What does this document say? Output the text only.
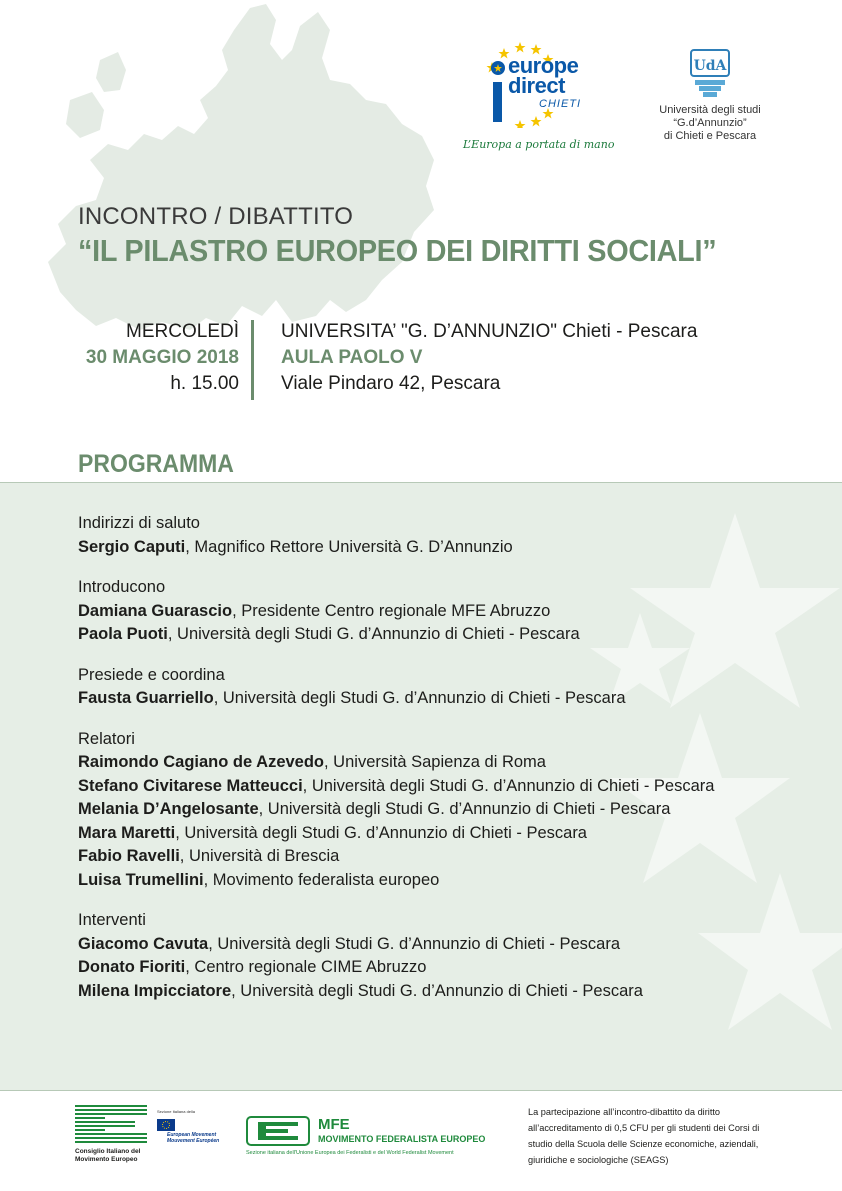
europe
direct
CHIETI
L’Europa a portata di mano
UdA
Università degli studi
“G.d’Annunzio”
di Chieti e Pescara
INCONTRO / DIBATTITO
“IL PILASTRO EUROPEO DEI DIRITTI SOCIALI”
MERCOLEDÌ
30 MAGGIO 2018
h. 15.00
UNIVERSITA’ "G. D’ANNUNZIO" Chieti - Pescara
AULA PAOLO V
Viale Pindaro 42, Pescara
PROGRAMMA
Indirizzi di saluto
Sergio Caputi, Magnifico Rettore Università G. D’Annunzio
Introducono
Damiana Guarascio, Presidente Centro regionale MFE Abruzzo
Paola Puoti, Università degli Studi G. d’Annunzio di Chieti - Pescara
Presiede e coordina
Fausta Guarriello, Università degli Studi G. d’Annunzio di Chieti - Pescara
Relatori
Raimondo Cagiano de Azevedo, Università Sapienza di Roma
Stefano Civitarese Matteucci, Università degli Studi G. d’Annunzio di Chieti - Pescara
Melania D’Angelosante, Università degli Studi G. d’Annunzio di Chieti - Pescara
Mara Maretti, Università degli Studi G. d’Annunzio di Chieti - Pescara
Fabio Ravelli, Università di Brescia
Luisa Trumellini, Movimento federalista europeo
Interventi
Giacomo Cavuta, Università degli Studi G. d’Annunzio di Chieti - Pescara
Donato Fioriti, Centro regionale CIME Abruzzo
Milena Impicciatore, Università degli Studi G. d’Annunzio di Chieti - Pescara
Sezione Italiana della
European Movement
Mouvement Européen
Consiglio Italiano del
Movimento Europeo
MFE
MOVIMENTO FEDERALISTA EUROPEO
Sezione italiana dell'Unione Europea dei Federalisti e del World Federalist Movement
La partecipazione all’incontro-dibattito da diritto all’accreditamento di 0,5 CFU per gli studenti dei Corsi di studio della Scuola delle Scienze economiche, aziendali, giuridiche e sociologiche (SEAGS)
